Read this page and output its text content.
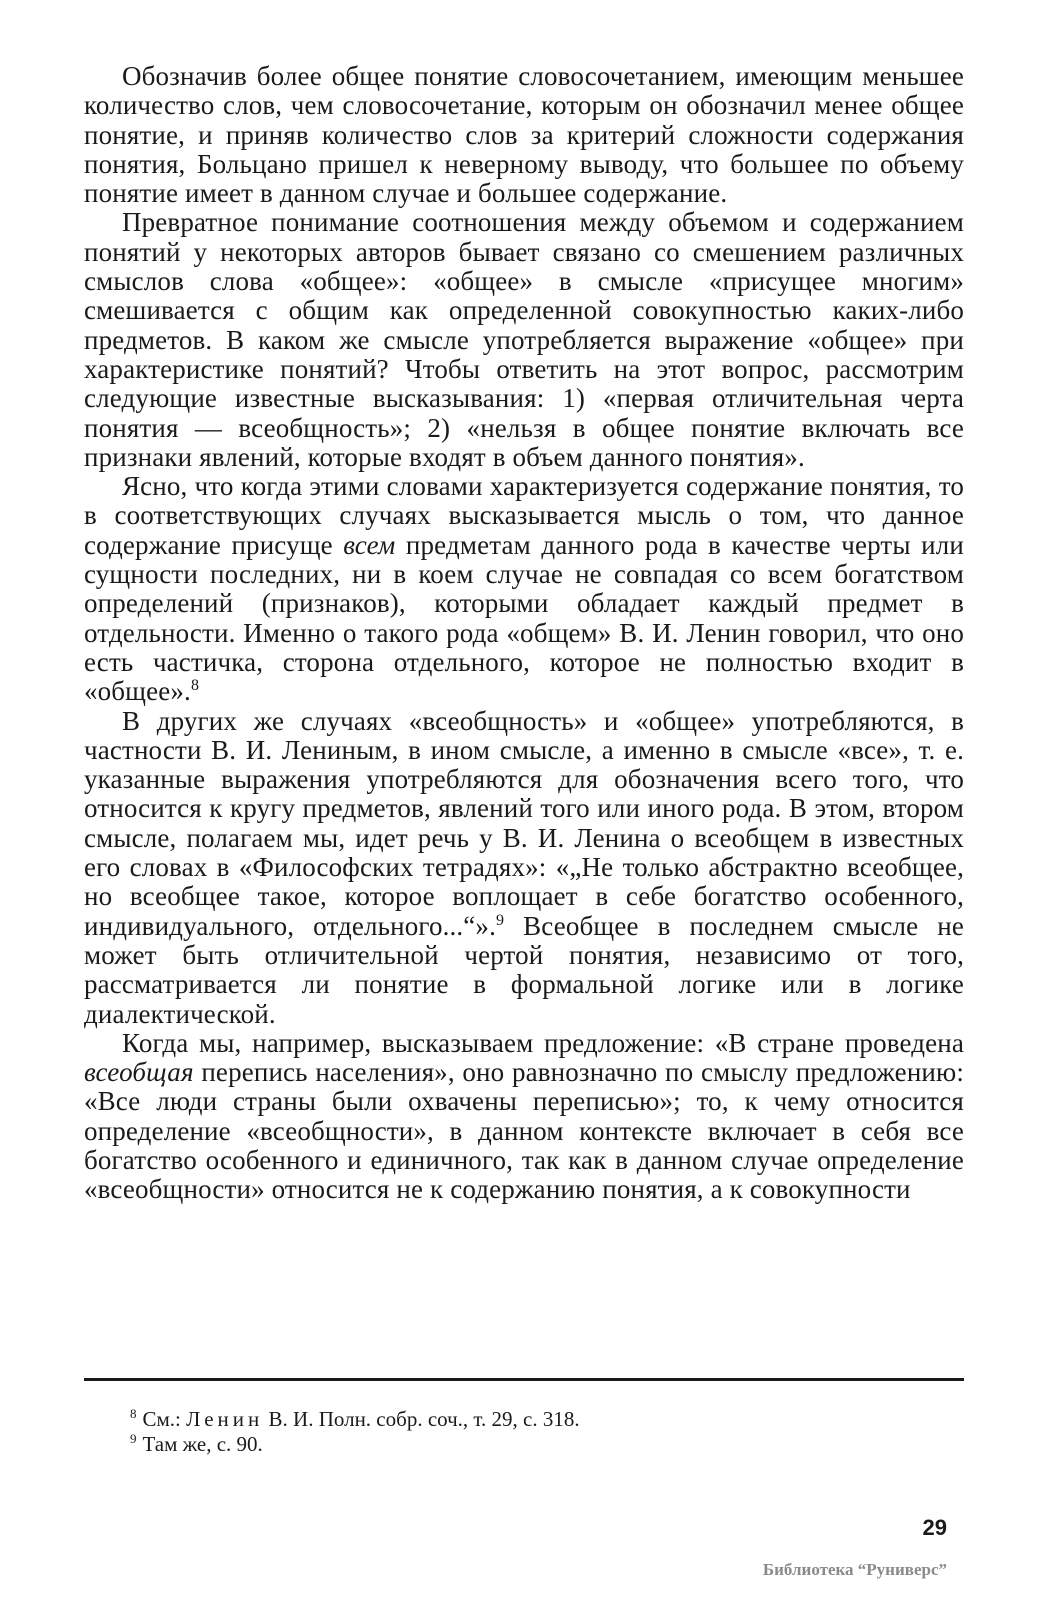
Обозначив более общее понятие словосочетанием, имеющим меньшее количество слов, чем словосочетание, которым он обозначил менее общее понятие, и приняв количество слов за критерий сложности содержания понятия, Больцано пришел к неверному выводу, что большее по объему понятие имеет в данном случае и большее содержание.

Превратное понимание соотношения между объемом и содержанием понятий у некоторых авторов бывает связано со смешением различных смыслов слова «общее»: «общее» в смысле «присущее многим» смешивается с общим как определенной совокупностью каких-либо предметов. В каком же смысле употребляется выражение «общее» при характеристике понятий? Чтобы ответить на этот вопрос, рассмотрим следующие известные высказывания: 1) «первая отличительная черта понятия — всеобщность»; 2) «нельзя в общее понятие включать все признаки явлений, которые входят в объем данного понятия».

Ясно, что когда этими словами характеризуется содержание понятия, то в соответствующих случаях высказывается мысль о том, что данное содержание присуще всем предметам данного рода в качестве черты или сущности последних, ни в коем случае не совпадая со всем богатством определений (признаков), которыми обладает каждый предмет в отдельности. Именно о такого рода «общем» В. И. Ленин говорил, что оно есть частичка, сторона отдельного, которое не полностью входит в «общее».$^8$

В других же случаях «всеобщность» и «общее» употребляются, в частности В. И. Лениным, в ином смысле, а именно в смысле «все», т. е. указанные выражения употребляются для обозначения всего того, что относится к кругу предметов, явлений того или иного рода. В этом, втором смысле, полагаем мы, идет речь у В. И. Ленина о всеобщем в известных его словах в «Философских тетрадях»: «„Не только абстрактно всеобщее, но всеобщее такое, которое воплощает в себе богатство особенного, индивидуального, отдельного...“».$^9$ Всеобщее в последнем смысле не может быть отличительной чертой понятия, независимо от того, рассматривается ли понятие в формальной логике или в логике диалектической.

Когда мы, например, высказываем предложение: «В стране проведена всеобщая перепись населения», оно равнозначно по смыслу предложению: «Все люди страны были охвачены переписью»; то, к чему относится определение «всеобщности», в данном контексте включает в себя все богатство особенного и единичного, так как в данном случае определение «всеобщности» относится не к содержанию понятия, а к совокупности

$^8$ См.: Ленин В. И. Полн. собр. соч., т. 29, с. 318.

$^9$ Там же, с. 90.

29
Библиотека “Руниверс”
